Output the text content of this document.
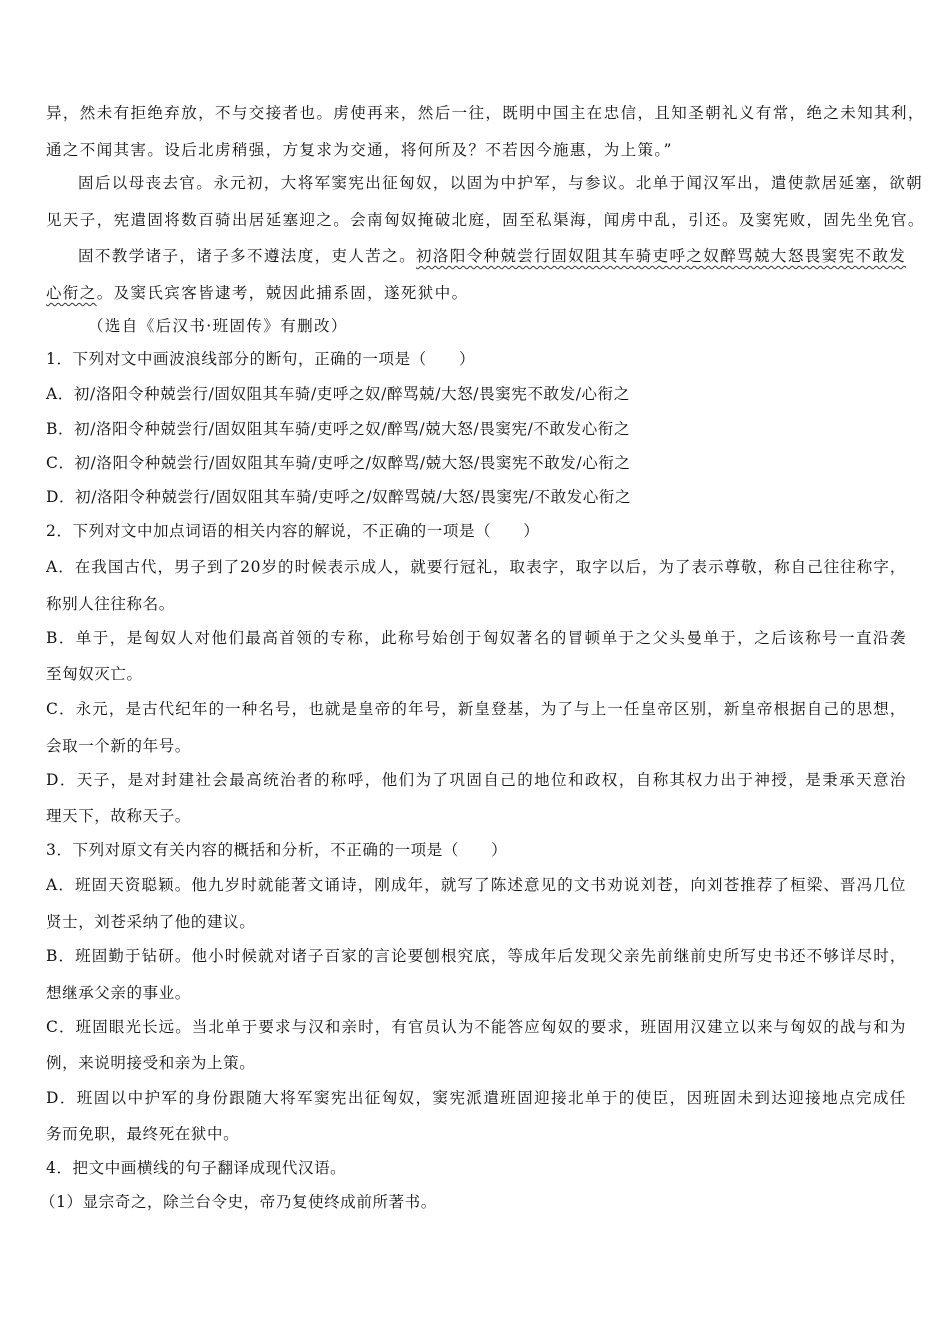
异，然未有拒绝弃放，不与交接者也。虏使再来，然后一往，既明中国主在忠信，且知圣朝礼义有常，绝之未知其利，
通之不闻其害。设后北虏稍强，方复求为交通，将何所及？不若因今施惠，为上策。”
固后以母丧去官。永元初，大将军窦宪出征匈奴，以固为中护军，与参议。北单于闻汉军出，遣使款居延塞，欲朝
见天子，宪遣固将数百骑出居延塞迎之。会南匈奴掩破北庭，固至私渠海，闻虏中乱，引还。及窦宪败，固先坐免官。
固不教学诸子，诸子多不遵法度，吏人苦之。初洛阳令种兢尝行固奴阻其车骑吏呼之奴醉骂兢大怒畏窦宪不敢发
心衔之。及窦氏宾客皆逮考，兢因此捕系固，遂死狱中。
（选自《后汉书·班固传》有删改）
1．下列对文中画波浪线部分的断句，正确的一项是（　　）
A．初/洛阳令种兢尝行/固奴阻其车骑/吏呼之奴/醉骂兢/大怒/畏窦宪不敢发/心衔之
B．初/洛阳令种兢尝行/固奴阻其车骑/吏呼之奴/醉骂/兢大怒/畏窦宪/不敢发心衔之
C．初/洛阳令种兢尝行/固奴阻其车骑/吏呼之/奴醉骂/兢大怒/畏窦宪不敢发/心衔之
D．初/洛阳令种兢尝行/固奴阻其车骑/吏呼之/奴醉骂兢/大怒/畏窦宪/不敢发心衔之
2．下列对文中加点词语的相关内容的解说，不正确的一项是（　　）
A．在我国古代，男子到了20岁的时候表示成人，就要行冠礼，取表字，取字以后，为了表示尊敬，称自己往往称字，
称别人往往称名。
B．单于，是匈奴人对他们最高首领的专称，此称号始创于匈奴著名的冒顿单于之父头曼单于，之后该称号一直沿袭
至匈奴灭亡。
C．永元，是古代纪年的一种名号，也就是皇帝的年号，新皇登基，为了与上一任皇帝区别，新皇帝根据自己的思想，
会取一个新的年号。
D．天子，是对封建社会最高统治者的称呼，他们为了巩固自己的地位和政权，自称其权力出于神授，是秉承天意治
理天下，故称天子。
3．下列对原文有关内容的概括和分析，不正确的一项是（　　）
A．班固天资聪颖。他九岁时就能著文诵诗，刚成年，就写了陈述意见的文书劝说刘苍，向刘苍推荐了桓梁、晋冯几位
贤士，刘苍采纳了他的建议。
B．班固勤于钻研。他小时候就对诸子百家的言论要刨根究底，等成年后发现父亲先前继前史所写史书还不够详尽时，
想继承父亲的事业。
C．班固眼光长远。当北单于要求与汉和亲时，有官员认为不能答应匈奴的要求，班固用汉建立以来与匈奴的战与和为
例，来说明接受和亲为上策。
D．班固以中护军的身份跟随大将军窦宪出征匈奴，窦宪派遣班固迎接北单于的使臣，因班固未到达迎接地点完成任
务而免职，最终死在狱中。
4．把文中画横线的句子翻译成现代汉语。
（1）显宗奇之，除兰台令史，帝乃复使终成前所著书。
